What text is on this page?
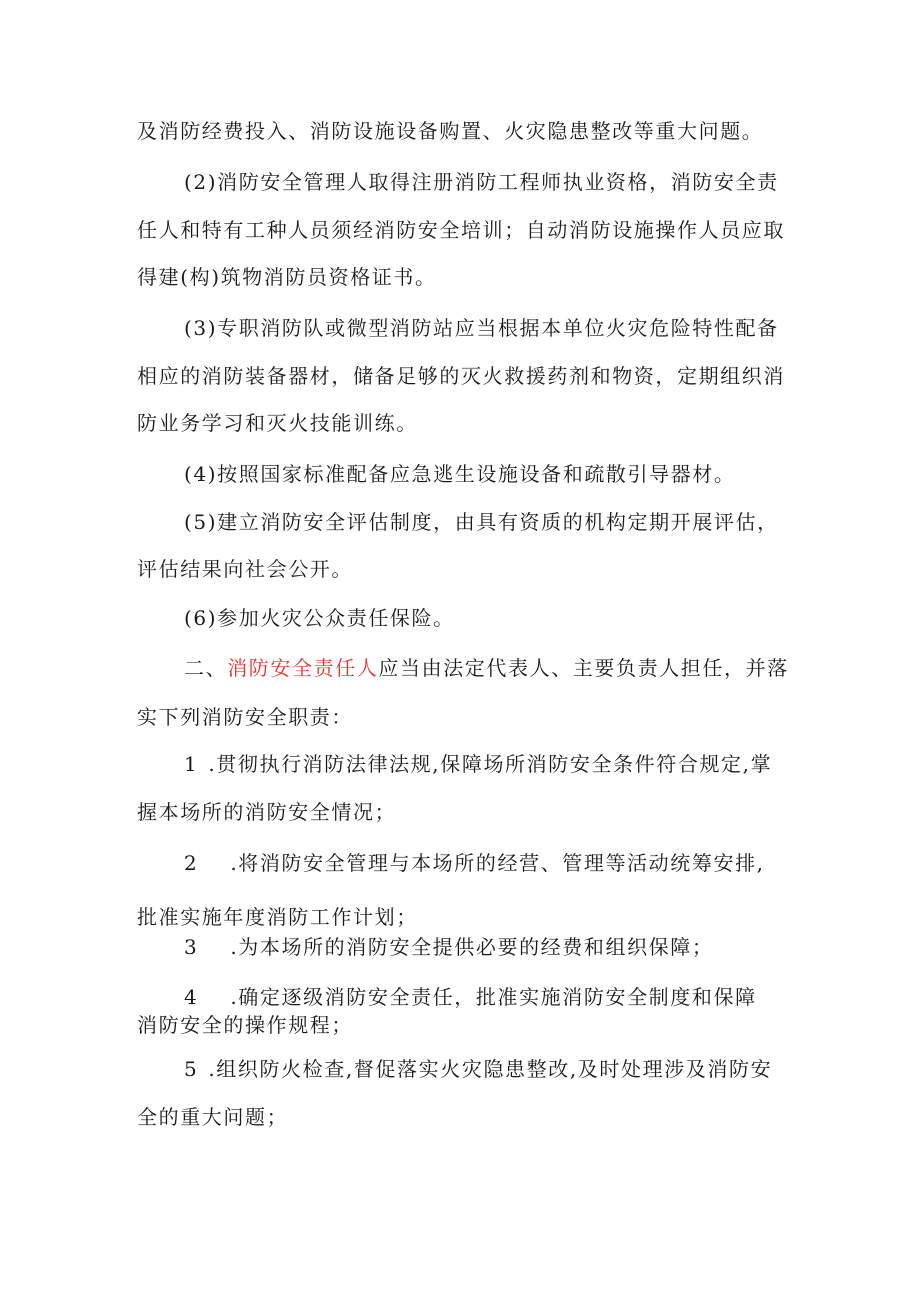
及消防经费投入、消防设施设备购置、火灾隐患整改等重大问题。
(2)消防安全管理人取得注册消防工程师执业资格，消防安全责
任人和特有工种人员须经消防安全培训；自动消防设施操作人员应取
得建(构)筑物消防员资格证书。
(3)专职消防队或微型消防站应当根据本单位火灾危险特性配备
相应的消防装备器材，储备足够的灭火救援药剂和物资，定期组织消
防业务学习和灭火技能训练。
(4)按照国家标准配备应急逃生设施设备和疏散引导器材。
(5)建立消防安全评估制度，由具有资质的机构定期开展评估，
评估结果向社会公开。
(6)参加火灾公众责任保险。
二、消防安全责任人应当由法定代表人、主要负责人担任，并落
实下列消防安全职责：
1 .贯彻执行消防法律法规,保障场所消防安全条件符合规定,掌
握本场所的消防安全情况；
2 .将消防安全管理与本场所的经营、管理等活动统筹安排,
批准实施年度消防工作计划；
3 .为本场所的消防安全提供必要的经费和组织保障；
4 .确定逐级消防安全责任，批准实施消防安全制度和保障
消防安全的操作规程；
5 .组织防火检查,督促落实火灾隐患整改,及时处理涉及消防安
全的重大问题；
